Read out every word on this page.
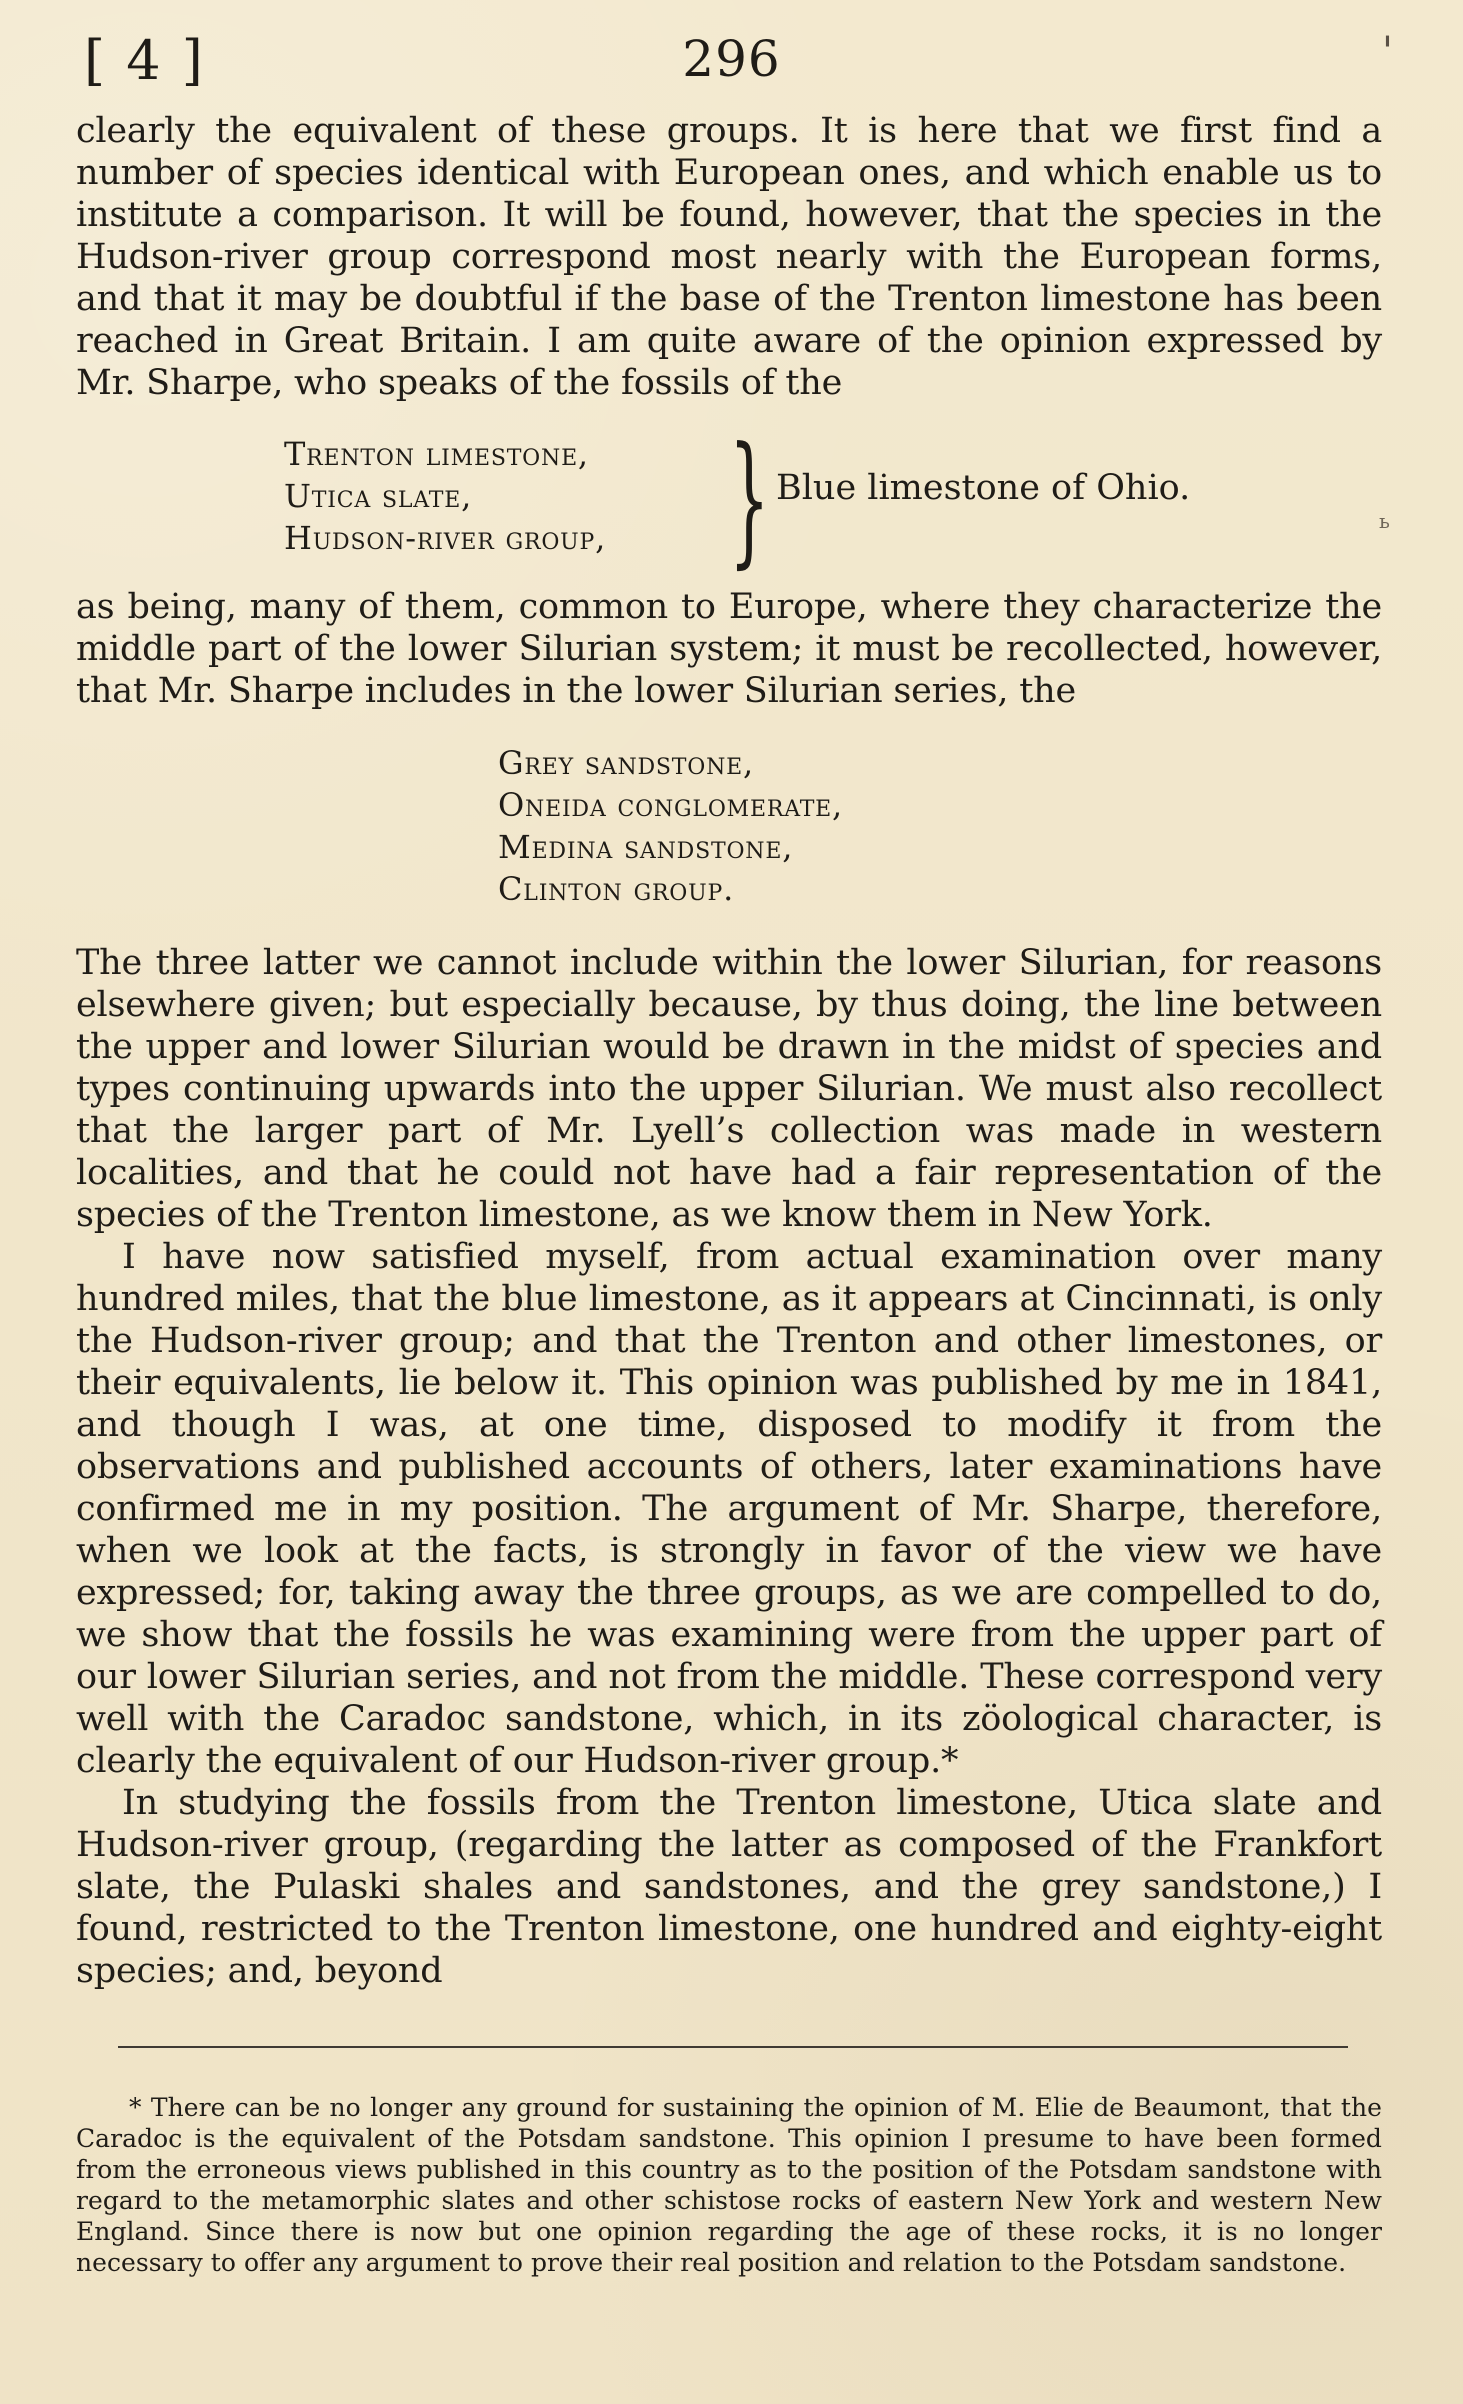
[ 4 ]	296	'

clearly the equivalent of these groups. It is here that we first find a number of species identical with European ones, and which enable us to institute a comparison. It will be found, however, that the species in the Hudson-river group correspond most nearly with the European forms, and that it may be doubtful if the base of the Trenton limestone has been reached in Great Britain. I am quite aware of the opinion expressed by Mr. Sharpe, who speaks of the fossils of the

Trenton limestone,
Utica slate,
Hudson-river group, } Blue limestone of Ohio.
ь

as being, many of them, common to Europe, where they characterize the middle part of the lower Silurian system; it must be recollected, however, that Mr. Sharpe includes in the lower Silurian series, the

Grey sandstone,
Oneida conglomerate,
Medina sandstone,
Clinton group.

The three latter we cannot include within the lower Silurian, for reasons elsewhere given; but especially because, by thus doing, the line between the upper and lower Silurian would be drawn in the midst of species and types continuing upwards into the upper Silurian. We must also recollect that the larger part of Mr. Lyell’s collection was made in western localities, and that he could not have had a fair representation of the species of the Trenton limestone, as we know them in New York.

I have now satisfied myself, from actual examination over many hundred miles, that the blue limestone, as it appears at Cincinnati, is only the Hudson-river group; and that the Trenton and other limestones, or their equivalents, lie below it. This opinion was published by me in 1841, and though I was, at one time, disposed to modify it from the observations and published accounts of others, later examinations have confirmed me in my position. The argument of Mr. Sharpe, therefore, when we look at the facts, is strongly in favor of the view we have expressed; for, taking away the three groups, as we are compelled to do, we show that the fossils he was examining were from the upper part of our lower Silurian series, and not from the middle. These correspond very well with the Caradoc sandstone, which, in its zöological character, is clearly the equivalent of our Hudson-river group.*

In studying the fossils from the Trenton limestone, Utica slate and Hudson-river group, (regarding the latter as composed of the Frankfort slate, the Pulaski shales and sandstones, and the grey sandstone,) I found, restricted to the Trenton limestone, one hundred and eighty-eight species; and, beyond

* There can be no longer any ground for sustaining the opinion of M. Elie de Beaumont, that the Caradoc is the equivalent of the Potsdam sandstone. This opinion I presume to have been formed from the erroneous views published in this country as to the position of the Potsdam sandstone with regard to the metamorphic slates and other schistose rocks of eastern New York and western New England. Since there is now but one opinion regarding the age of these rocks, it is no longer necessary to offer any argument to prove their real position and relation to the Potsdam sandstone.
